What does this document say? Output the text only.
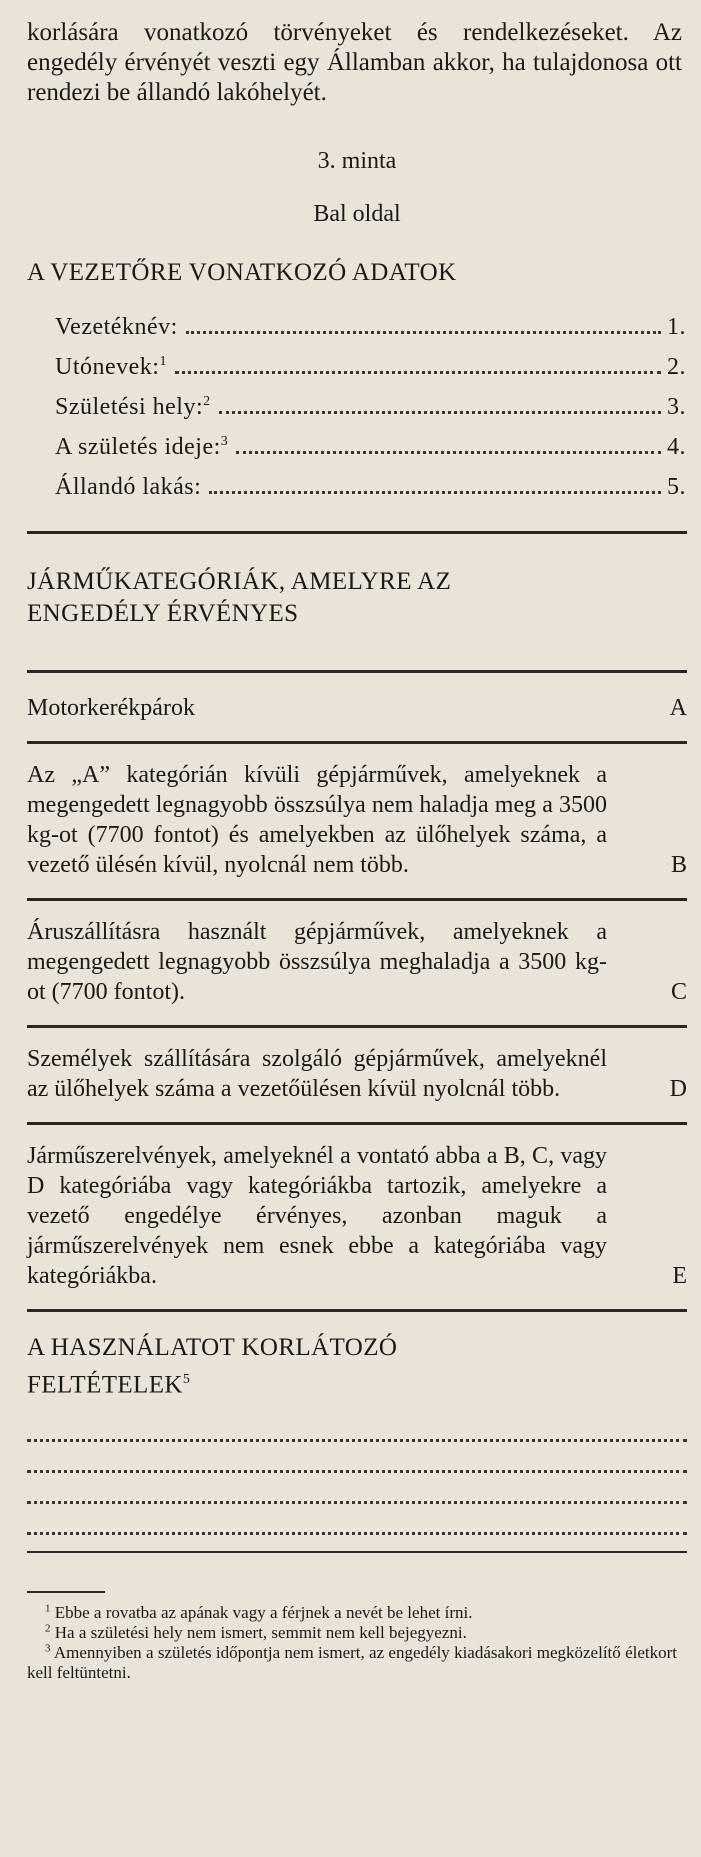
korlására vonatkozó törvényeket és rendelkezéseket. Az engedély érvényét veszti egy Államban akkor, ha tulajdonosa ott rendezi be állandó lakóhelyét.

3. minta

Bal oldal

A VEZETŐRE VONATKOZÓ ADATOK

Vezetéknév:	1.
Utónevek:$^1$	2.
Születési hely:$^2$	3.
A születés ideje:$^3$	4.
Állandó lakás:	5.

JÁRMŰKATEGÓRIÁK, AMELYRE AZ

ENGEDÉLY ÉRVÉNYES

Motorkerékpárok	A

Az „A” kategórián kívüli gépjárművek, amelyeknek a megengedett legnagyobb összsúlya nem haladja meg a 3500 kg-ot (7700 fontot) és amelyekben az ülőhelyek száma, a vezető ülésén kívül, nyolcnál nem több.	B

Áruszállításra használt gépjárművek, amelyeknek a megengedett legnagyobb összsúlya meghaladja a 3500 kg-ot (7700 fontot).	C

Személyek szállítására szolgáló gépjárművek, amelyeknél az ülőhelyek száma a vezetőülésen kívül nyolcnál több.	D

Járműszerelvények, amelyeknél a vontató abba a B, C, vagy D kategóriába vagy kategóriákba tartozik, amelyekre a vezető engedélye érvényes, azonban maguk a járműszerelvények nem esnek ebbe a kategóriába vagy kategóriákba.	E

A HASZNÁLATOT KORLÁTOZÓ

FELTÉTELEK$^5$

$^1$ Ebbe a rovatba az apának vagy a férjnek a nevét be lehet írni.

$^2$ Ha a születési hely nem ismert, semmit nem kell bejegyezni.

$^3$ Amennyiben a születés időpontja nem ismert, az engedély kiadásakori megközelítő életkort kell feltüntetni.
